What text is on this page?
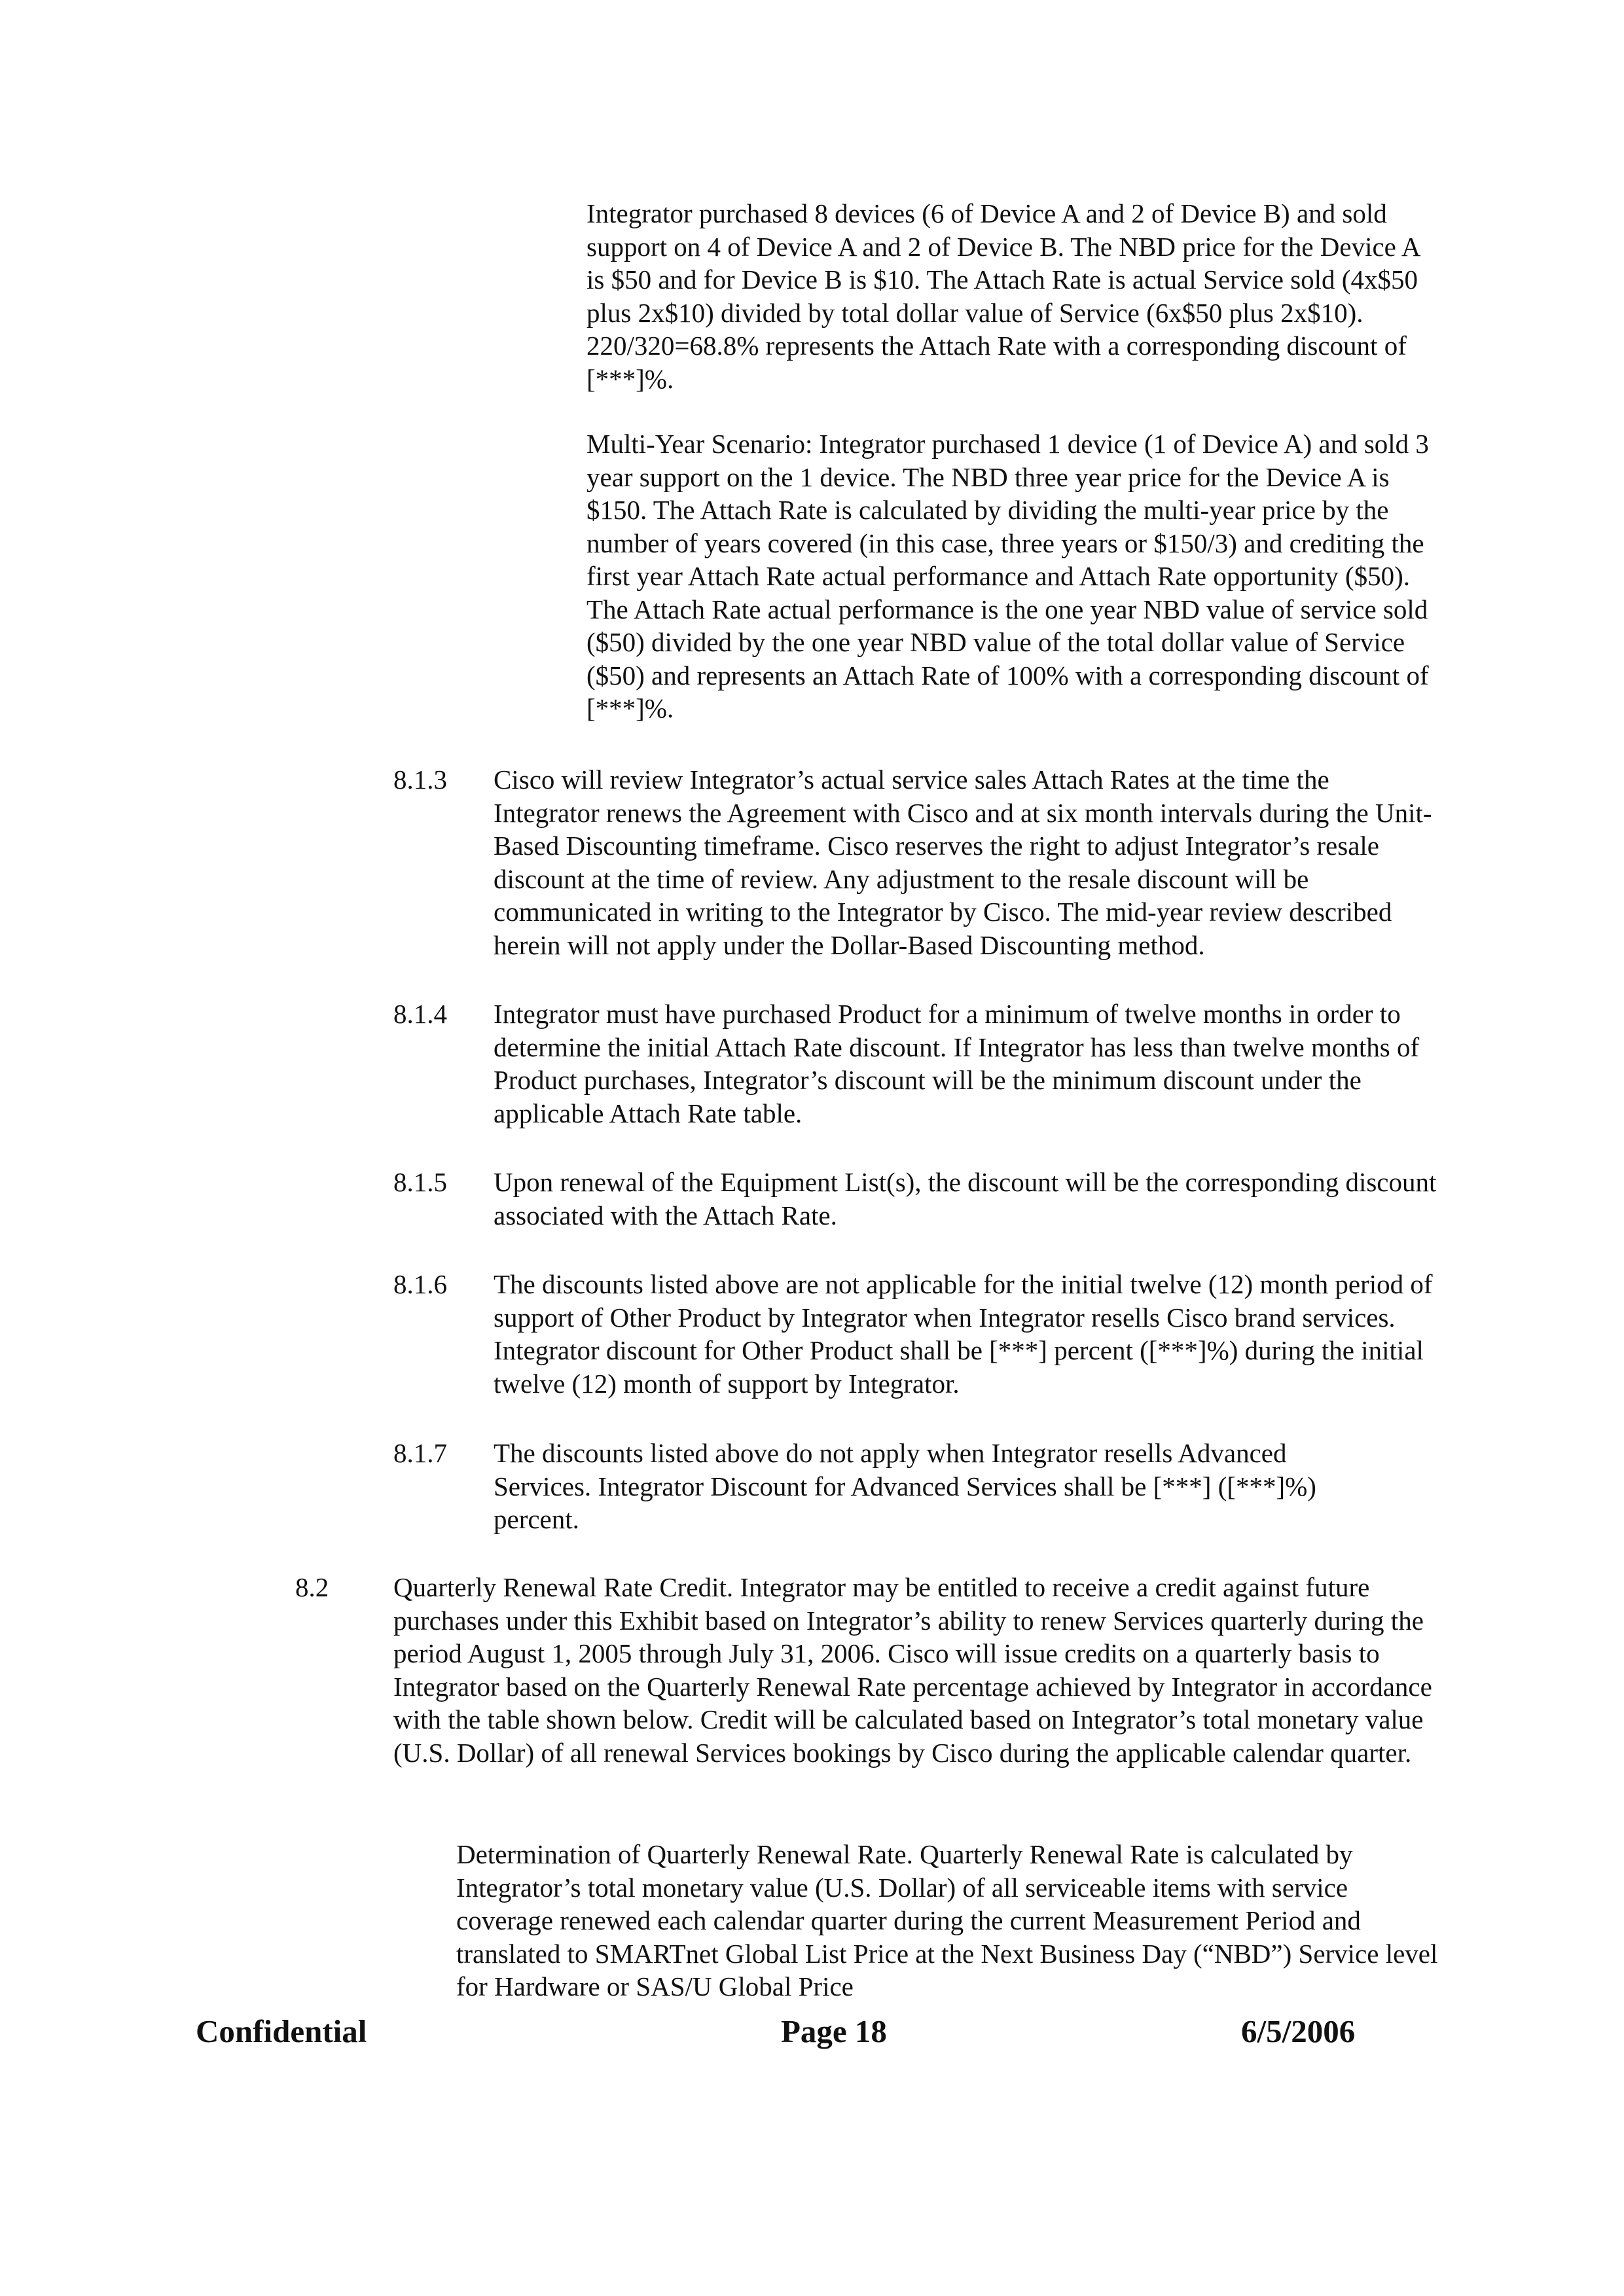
Integrator purchased 8 devices (6 of Device A and 2 of Device B) and sold support on 4 of Device A and 2 of Device B. The NBD price for the Device A is $50 and for Device B is $10. The Attach Rate is actual Service sold (4x$50 plus 2x$10) divided by total dollar value of Service (6x$50 plus 2x$10). 220/320=68.8% represents the Attach Rate with a corresponding discount of [***]%.

Multi-Year Scenario: Integrator purchased 1 device (1 of Device A) and sold 3 year support on the 1 device. The NBD three year price for the Device A is $150. The Attach Rate is calculated by dividing the multi-year price by the number of years covered (in this case, three years or $150/3) and crediting the first year Attach Rate actual performance and Attach Rate opportunity ($50). The Attach Rate actual performance is the one year NBD value of service sold ($50) divided by the one year NBD value of the total dollar value of Service ($50) and represents an Attach Rate of 100% with a corresponding discount of [***]%.

8.1.3 Cisco will review Integrator’s actual service sales Attach Rates at the time the Integrator renews the Agreement with Cisco and at six month intervals during the Unit-Based Discounting timeframe. Cisco reserves the right to adjust Integrator’s resale discount at the time of review. Any adjustment to the resale discount will be communicated in writing to the Integrator by Cisco. The mid-year review described herein will not apply under the Dollar-Based Discounting method.

8.1.4 Integrator must have purchased Product for a minimum of twelve months in order to determine the initial Attach Rate discount. If Integrator has less than twelve months of Product purchases, Integrator’s discount will be the minimum discount under the applicable Attach Rate table.

8.1.5 Upon renewal of the Equipment List(s), the discount will be the corresponding discount associated with the Attach Rate.

8.1.6 The discounts listed above are not applicable for the initial twelve (12) month period of support of Other Product by Integrator when Integrator resells Cisco brand services. Integrator discount for Other Product shall be [***] percent ([***]%) during the initial twelve (12) month of support by Integrator.

8.1.7 The discounts listed above do not apply when Integrator resells Advanced Services. Integrator Discount for Advanced Services shall be [***] ([***]%) percent.

8.2 Quarterly Renewal Rate Credit. Integrator may be entitled to receive a credit against future purchases under this Exhibit based on Integrator’s ability to renew Services quarterly during the period August 1, 2005 through July 31, 2006. Cisco will issue credits on a quarterly basis to Integrator based on the Quarterly Renewal Rate percentage achieved by Integrator in accordance with the table shown below. Credit will be calculated based on Integrator’s total monetary value (U.S. Dollar) of all renewal Services bookings by Cisco during the applicable calendar quarter.

Determination of Quarterly Renewal Rate. Quarterly Renewal Rate is calculated by Integrator’s total monetary value (U.S. Dollar) of all serviceable items with service coverage renewed each calendar quarter during the current Measurement Period and translated to SMARTnet Global List Price at the Next Business Day (“NBD”) Service level for Hardware or SAS/U Global Price

Confidential	Page 18	6/5/2006
